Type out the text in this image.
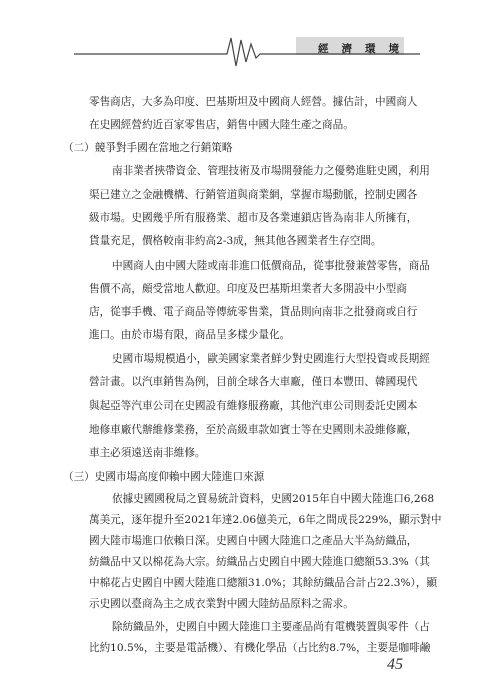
經濟環境
零售商店，大多為印度、巴基斯坦及中國商人經營。據估計，中國商人
在史國經營約近百家零售店，銷售中國大陸生產之商品。
（二）競爭對手國在當地之行銷策略
南非業者挾帶資金、管理技術及市場開發能力之優勢進駐史國，利用
渠已建立之金融機構、行銷管道與商業網，掌握市場動脈，控制史國各
級市場。史國幾乎所有服務業、超市及各業連鎖店皆為南非人所擁有，
貨量充足，價格較南非約高2-3成，無其他各國業者生存空間。
中國商人由中國大陸或南非進口低價商品，從事批發兼營零售，商品
售價不高，頗受當地人歡迎。印度及巴基斯坦業者大多開設中小型商
店，從事手機、電子商品等傳統零售業，貨品則向南非之批發商或自行
進口。由於市場有限，商品呈多樣少量化。
史國市場規模過小，歐美國家業者鮮少對史國進行大型投資或長期經
營計畫。以汽車銷售為例，目前全球各大車廠，僅日本豐田、韓國現代
與起亞等汽車公司在史國設有維修服務廠，其他汽車公司則委託史國本
地修車廠代辦維修業務，至於高級車款如賓士等在史國則未設維修廠，
車主必須遠送南非維修。
（三）史國市場高度仰賴中國大陸進口來源
依據史國國稅局之貿易統計資料，史國2015年自中國大陸進口6,268
萬美元，逐年提升至2021年達2.06億美元，6年之間成長229%，顯示對中
國大陸市場進口依賴日深。史國自中國大陸進口之產品大半為紡織品，
紡織品中又以棉花為大宗。紡織品占史國自中國大陸進口總額53.3%（其
中棉花占史國自中國大陸進口總額31.0%；其餘紡織品合計占22.3%），顯
示史國以臺商為主之成衣業對中國大陸紡品原料之需求。
除紡織品外，史國自中國大陸進口主要產品尚有電機裝置與零件（占
比約10.5%，主要是電話機）、有機化學品（占比約8.7%，主要是咖啡鹼
45
